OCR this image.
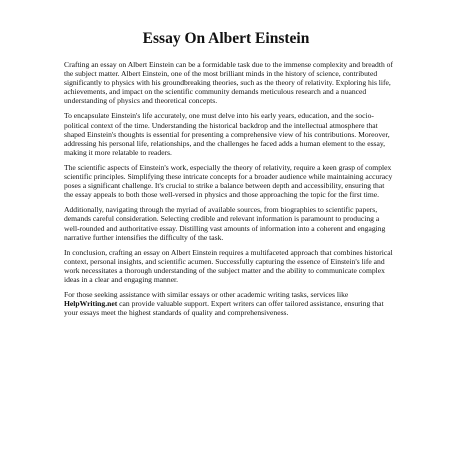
Essay On Albert Einstein

Crafting an essay on Albert Einstein can be a formidable task due to the immense complexity and breadth of the subject matter. Albert Einstein, one of the most brilliant minds in the history of science, contributed significantly to physics with his groundbreaking theories, such as the theory of relativity. Exploring his life, achievements, and impact on the scientific community demands meticulous research and a nuanced understanding of physics and theoretical concepts.

To encapsulate Einstein's life accurately, one must delve into his early years, education, and the socio-political context of the time. Understanding the historical backdrop and the intellectual atmosphere that shaped Einstein's thoughts is essential for presenting a comprehensive view of his contributions. Moreover, addressing his personal life, relationships, and the challenges he faced adds a human element to the essay, making it more relatable to readers.

The scientific aspects of Einstein's work, especially the theory of relativity, require a keen grasp of complex scientific principles. Simplifying these intricate concepts for a broader audience while maintaining accuracy poses a significant challenge. It's crucial to strike a balance between depth and accessibility, ensuring that the essay appeals to both those well-versed in physics and those approaching the topic for the first time.

Additionally, navigating through the myriad of available sources, from biographies to scientific papers, demands careful consideration. Selecting credible and relevant information is paramount to producing a well-rounded and authoritative essay. Distilling vast amounts of information into a coherent and engaging narrative further intensifies the difficulty of the task.

In conclusion, crafting an essay on Albert Einstein requires a multifaceted approach that combines historical context, personal insights, and scientific acumen. Successfully capturing the essence of Einstein's life and work necessitates a thorough understanding of the subject matter and the ability to communicate complex ideas in a clear and engaging manner.

For those seeking assistance with similar essays or other academic writing tasks, services like HelpWriting.net can provide valuable support. Expert writers can offer tailored assistance, ensuring that your essays meet the highest standards of quality and comprehensiveness.
